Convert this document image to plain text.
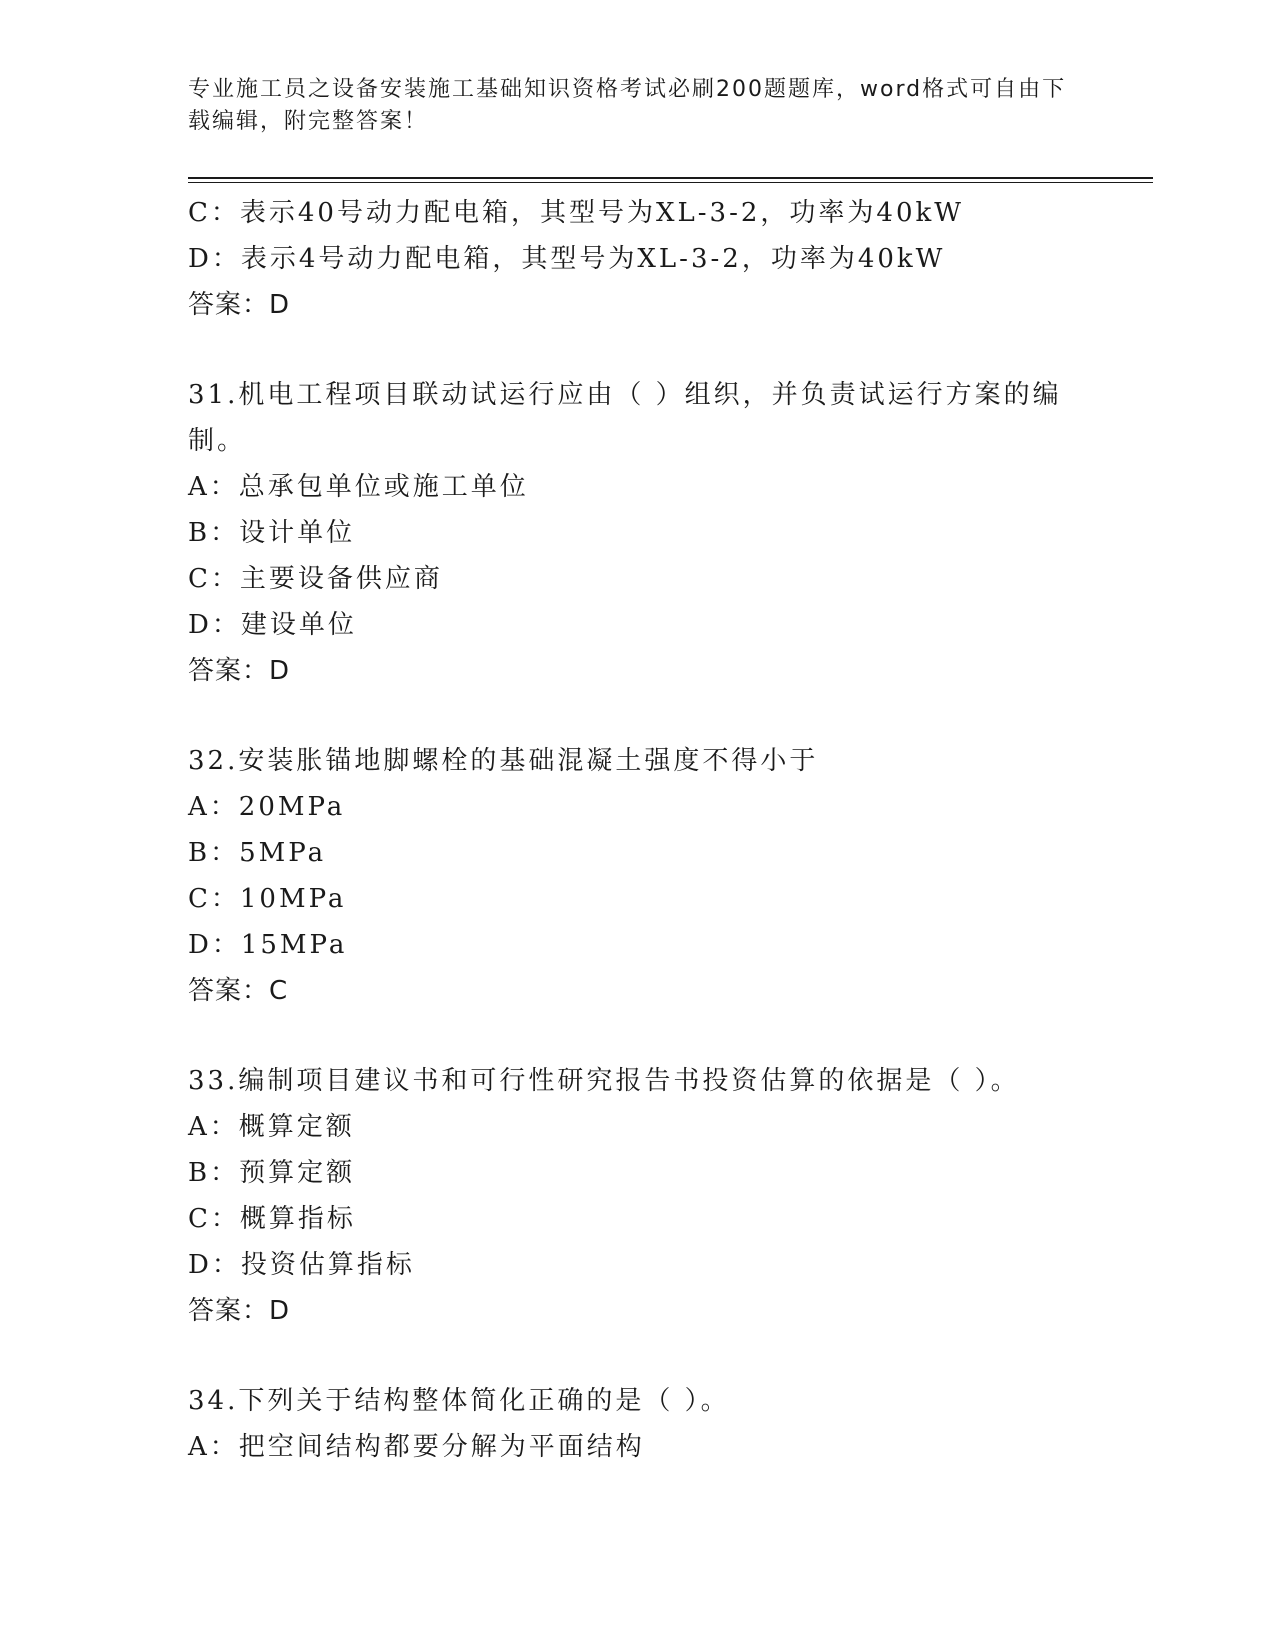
专业施工员之设备安装施工基础知识资格考试必刷200题题库，word格式可自由下载编辑，附完整答案！
C：表示40号动力配电箱，其型号为XL-3-2，功率为40kW
D：表示4号动力配电箱，其型号为XL-3-2，功率为40kW
答案：D
31.机电工程项目联动试运行应由（ ）组织，并负责试运行方案的编制。
A：总承包单位或施工单位
B：设计单位
C：主要设备供应商
D：建设单位
答案：D
32.安装胀锚地脚螺栓的基础混凝土强度不得小于
A：20MPa
B：5MPa
C：10MPa
D：15MPa
答案：C
33.编制项目建议书和可行性研究报告书投资估算的依据是（ ）。
A：概算定额
B：预算定额
C：概算指标
D：投资估算指标
答案：D
34.下列关于结构整体简化正确的是（ ）。
A：把空间结构都要分解为平面结构
